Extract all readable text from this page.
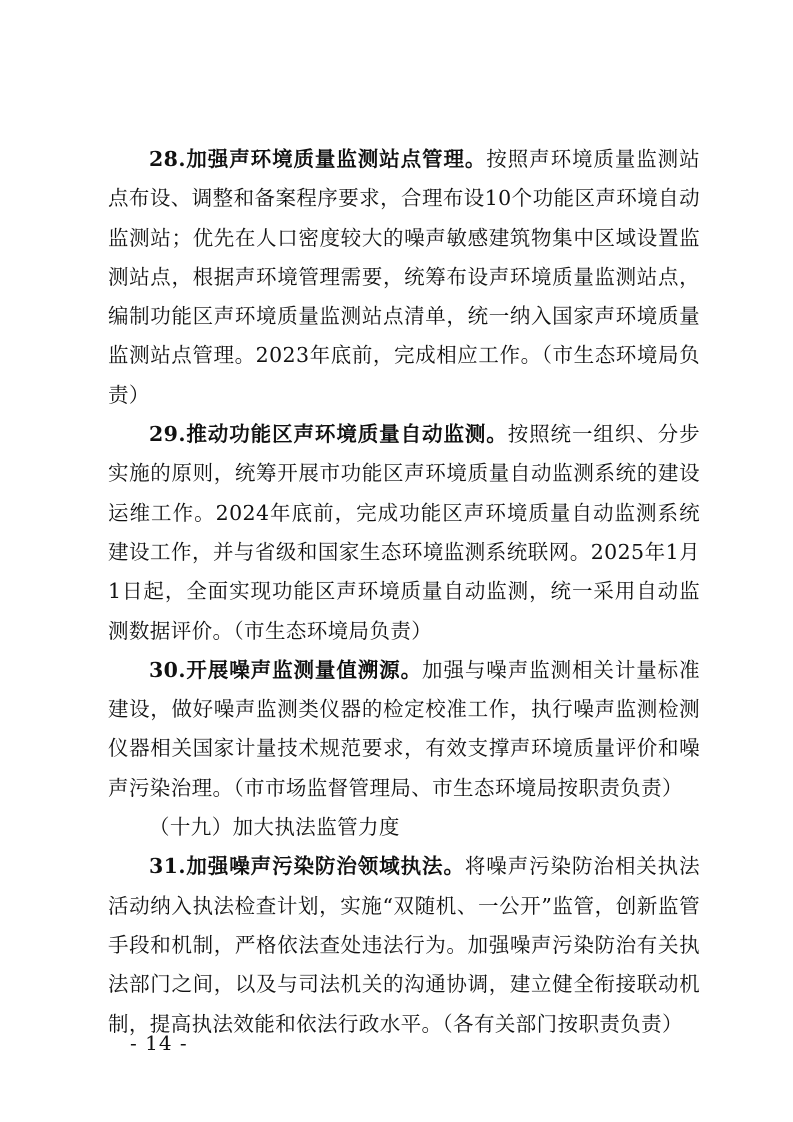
28.加强声环境质量监测站点管理。按照声环境质量监测站点布设、调整和备案程序要求，合理布设10个功能区声环境自动监测站；优先在人口密度较大的噪声敏感建筑物集中区域设置监测站点，根据声环境管理需要，统筹布设声环境质量监测站点，编制功能区声环境质量监测站点清单，统一纳入国家声环境质量监测站点管理。2023年底前，完成相应工作。（市生态环境局负责）

29.推动功能区声环境质量自动监测。按照统一组织、分步实施的原则，统筹开展市功能区声环境质量自动监测系统的建设运维工作。2024年底前，完成功能区声环境质量自动监测系统建设工作，并与省级和国家生态环境监测系统联网。2025年1月1日起，全面实现功能区声环境质量自动监测，统一采用自动监测数据评价。（市生态环境局负责）

30.开展噪声监测量值溯源。加强与噪声监测相关计量标准建设，做好噪声监测类仪器的检定校准工作，执行噪声监测检测仪器相关国家计量技术规范要求，有效支撑声环境质量评价和噪声污染治理。（市市场监督管理局、市生态环境局按职责负责）

（十九）加大执法监管力度

31.加强噪声污染防治领域执法。将噪声污染防治相关执法活动纳入执法检查计划，实施“双随机、一公开”监管，创新监管手段和机制，严格依法查处违法行为。加强噪声污染防治有关执法部门之间，以及与司法机关的沟通协调，建立健全衔接联动机制，提高执法效能和依法行政水平。（各有关部门按职责负责）

- 14 -
